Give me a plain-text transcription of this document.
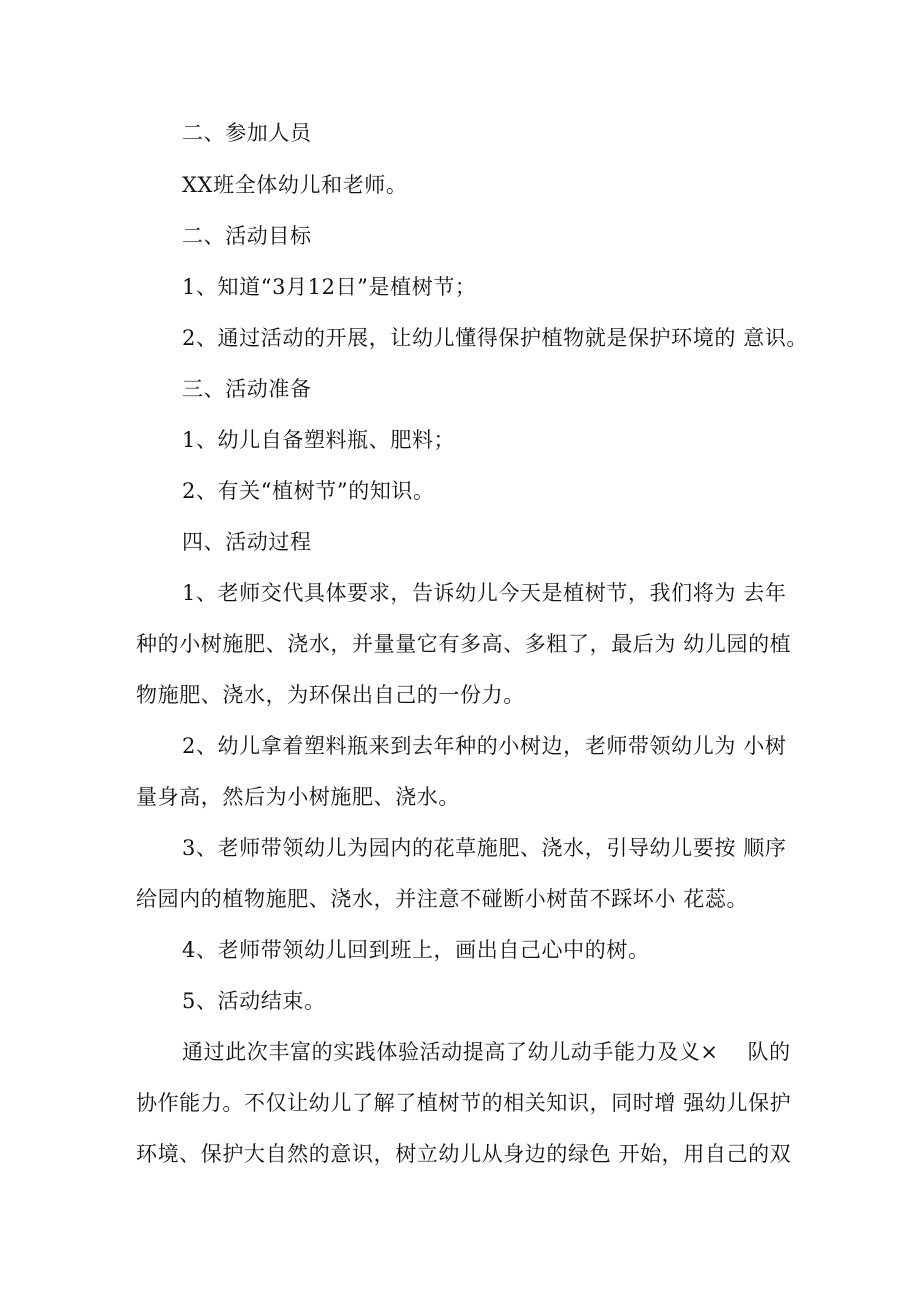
二、参加人员
XX班全体幼儿和老师。
二、活动目标
1、知道“3月12日”是植树节；
2、通过活动的开展，让幼儿懂得保护植物就是保护环境的 意识。
三、活动准备
1、幼儿自备塑料瓶、肥料；
2、有关“植树节”的知识。
四、活动过程
1、老师交代具体要求，告诉幼儿今天是植树节，我们将为 去年
种的小树施肥、浇水，并量量它有多高、多粗了，最后为 幼儿园的植
物施肥、浇水，为环保出自己的一份力。
2、幼儿拿着塑料瓶来到去年种的小树边，老师带领幼儿为 小树
量身高，然后为小树施肥、浇水。
3、老师带领幼儿为园内的花草施肥、浇水，引导幼儿要按 顺序
给园内的植物施肥、浇水，并注意不碰断小树苗不踩坏小 花蕊。
4、老师带领幼儿回到班上，画出自己心中的树。
5、活动结束。
通过此次丰富的实践体验活动提高了幼儿动手能力及义×　 队的
协作能力。不仅让幼儿了解了植树节的相关知识，同时增 强幼儿保护
环境、保护大自然的意识，树立幼儿从身边的绿色 开始，用自己的双
